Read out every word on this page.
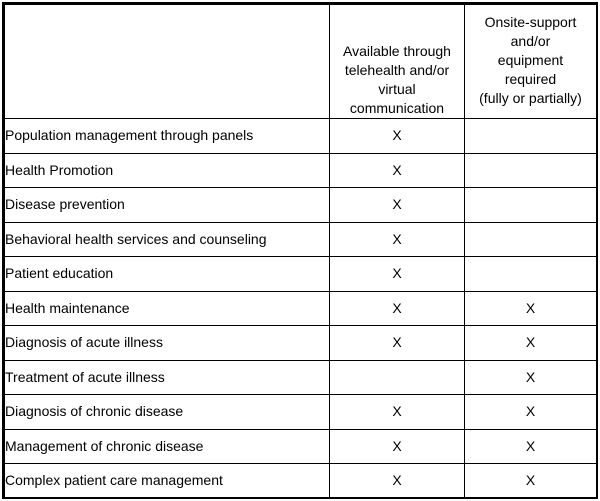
	Available through
telehealth and/or
virtual
communication	Onsite-support
and/or
equipment
required
(fully or partially)

Population management through panels	X	
Health Promotion	X	
Disease prevention	X	
Behavioral health services and counseling	X	
Patient education	X	
Health maintenance	X	X
Diagnosis of acute illness	X	X
Treatment of acute illness		X
Diagnosis of chronic disease	X	X
Management of chronic disease	X	X
Complex patient care management	X	X
